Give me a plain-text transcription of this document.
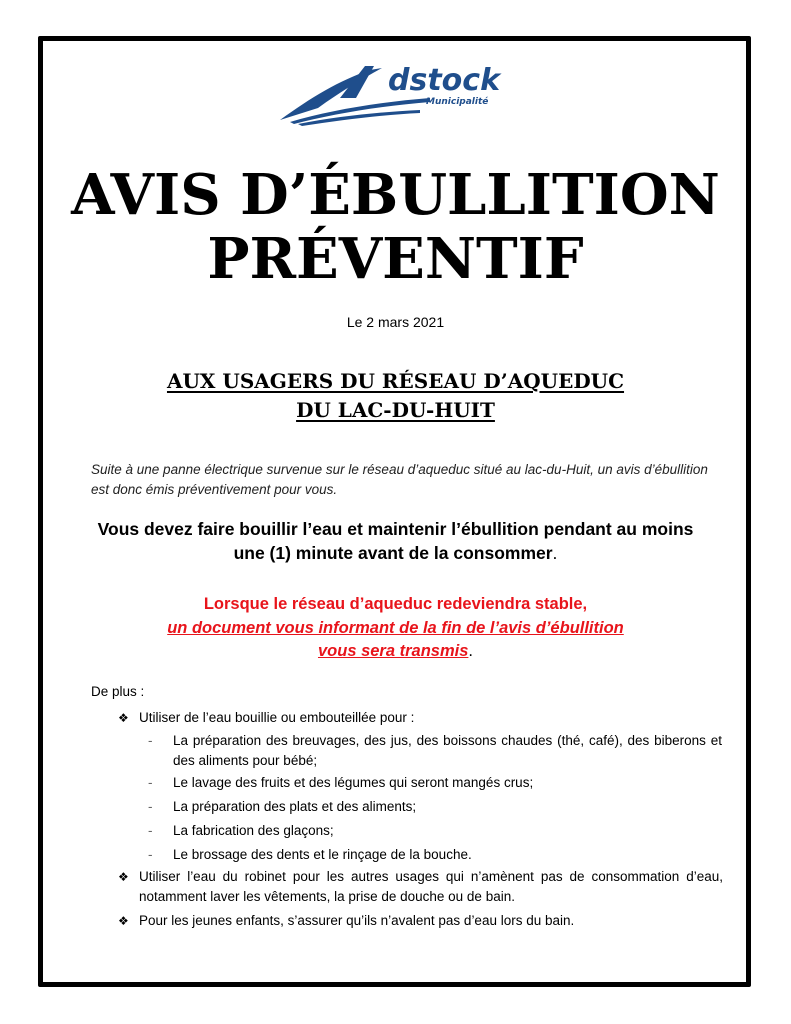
dstock
Municipalité
AVIS D’ÉBULLITION
PRÉVENTIF
Le 2 mars 2021
AUX USAGERS DU RÉSEAU D’AQUEDUC
DU LAC-DU-HUIT
Suite à une panne électrique survenue sur le réseau d’aqueduc situé au lac-du-Huit, un avis d’ébullition est donc émis préventivement pour vous.
Vous devez faire bouillir l’eau et maintenir l’ébullition pendant au moins
une (1) minute avant de la consommer.
Lorsque le réseau d’aqueduc redeviendra stable,
un document vous informant de la fin de l’avis d’ébullition
vous sera transmis.
De plus :
❖ Utiliser de l’eau bouillie ou embouteillée pour :
- La préparation des breuvages, des jus, des boissons chaudes (thé, café), des biberons et des aliments pour bébé;
- Le lavage des fruits et des légumes qui seront mangés crus;
- La préparation des plats et des aliments;
- La fabrication des glaçons;
- Le brossage des dents et le rinçage de la bouche.
❖ Utiliser l’eau du robinet pour les autres usages qui n’amènent pas de consommation d’eau, notamment laver les vêtements, la prise de douche ou de bain.
❖ Pour les jeunes enfants, s’assurer qu’ils n’avalent pas d’eau lors du bain.
